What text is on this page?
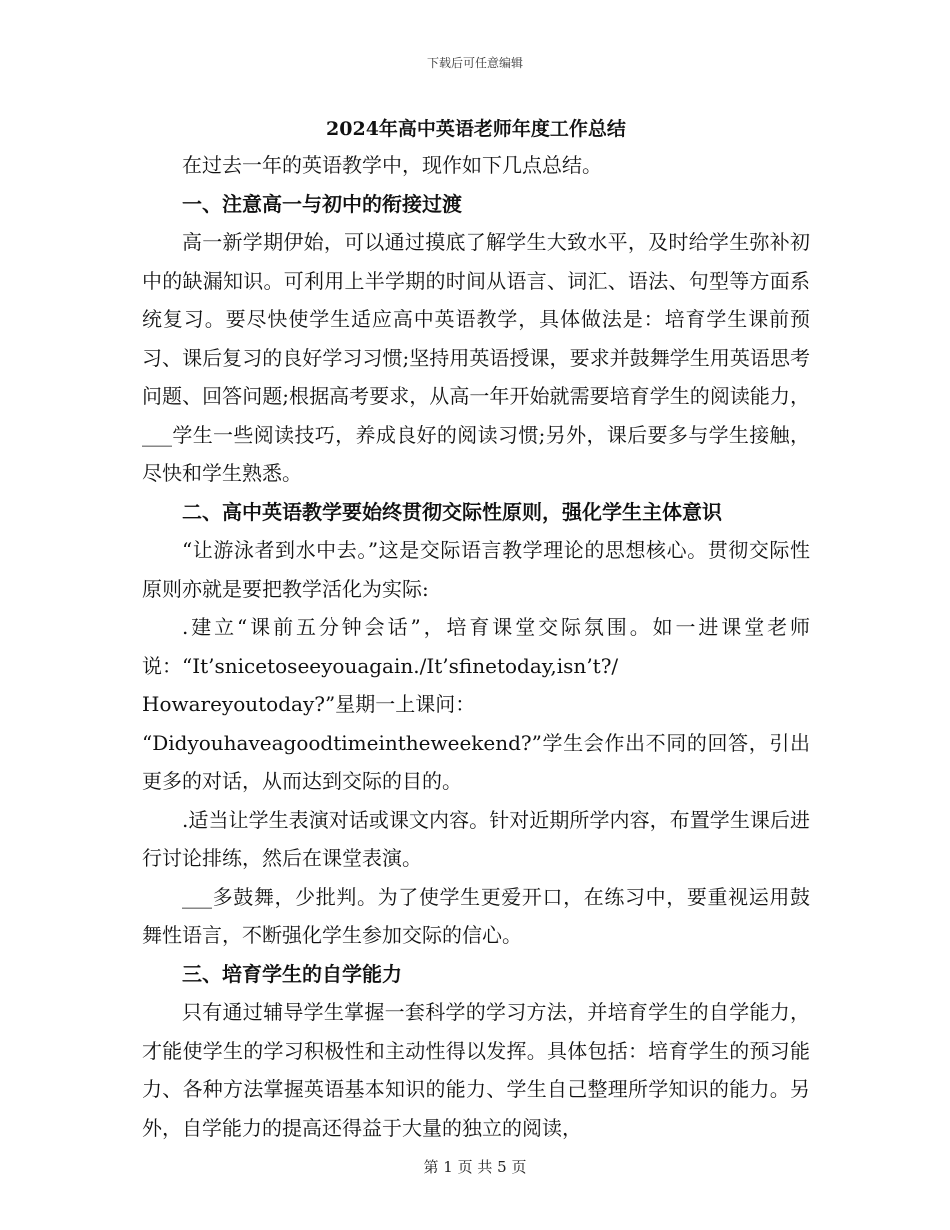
下载后可任意编辑
2024年高中英语老师年度工作总结

在过去一年的英语教学中，现作如下几点总结。

一、注意高一与初中的衔接过渡

高一新学期伊始，可以通过摸底了解学生大致水平，及时给学生弥补初中的缺漏知识。可利用上半学期的时间从语言、词汇、语法、句型等方面系统复习。要尽快使学生适应高中英语教学，具体做法是：培育学生课前预习、课后复习的良好学习习惯;坚持用英语授课，要求并鼓舞学生用英语思考问题、回答问题;根据高考要求，从高一年开始就需要培育学生的阅读能力，___学生一些阅读技巧，养成良好的阅读习惯;另外，课后要多与学生接触，尽快和学生熟悉。

二、高中英语教学要始终贯彻交际性原则，强化学生主体意识

“让游泳者到水中去。”这是交际语言教学理论的思想核心。贯彻交际性原则亦就是要把教学活化为实际:

.建立“课前五分钟会话”，培育课堂交际氛围。如一进课堂老师说：“It’snicetoseeyouagain./It’sfinetoday,isn’t?/

Howareyoutoday?”星期一上课问：

“Didyouhaveagoodtimeintheweekend?”学生会作出不同的回答，引出更多的对话，从而达到交际的目的。

.适当让学生表演对话或课文内容。针对近期所学内容，布置学生课后进行讨论排练，然后在课堂表演。

___多鼓舞，少批判。为了使学生更爱开口，在练习中，要重视运用鼓舞性语言，不断强化学生参加交际的信心。

三、培育学生的自学能力

只有通过辅导学生掌握一套科学的学习方法，并培育学生的自学能力，才能使学生的学习积极性和主动性得以发挥。具体包括：培育学生的预习能力、各种方法掌握英语基本知识的能力、学生自己整理所学知识的能力。另外，自学能力的提高还得益于大量的独立的阅读，

第 1 页 共 5 页
